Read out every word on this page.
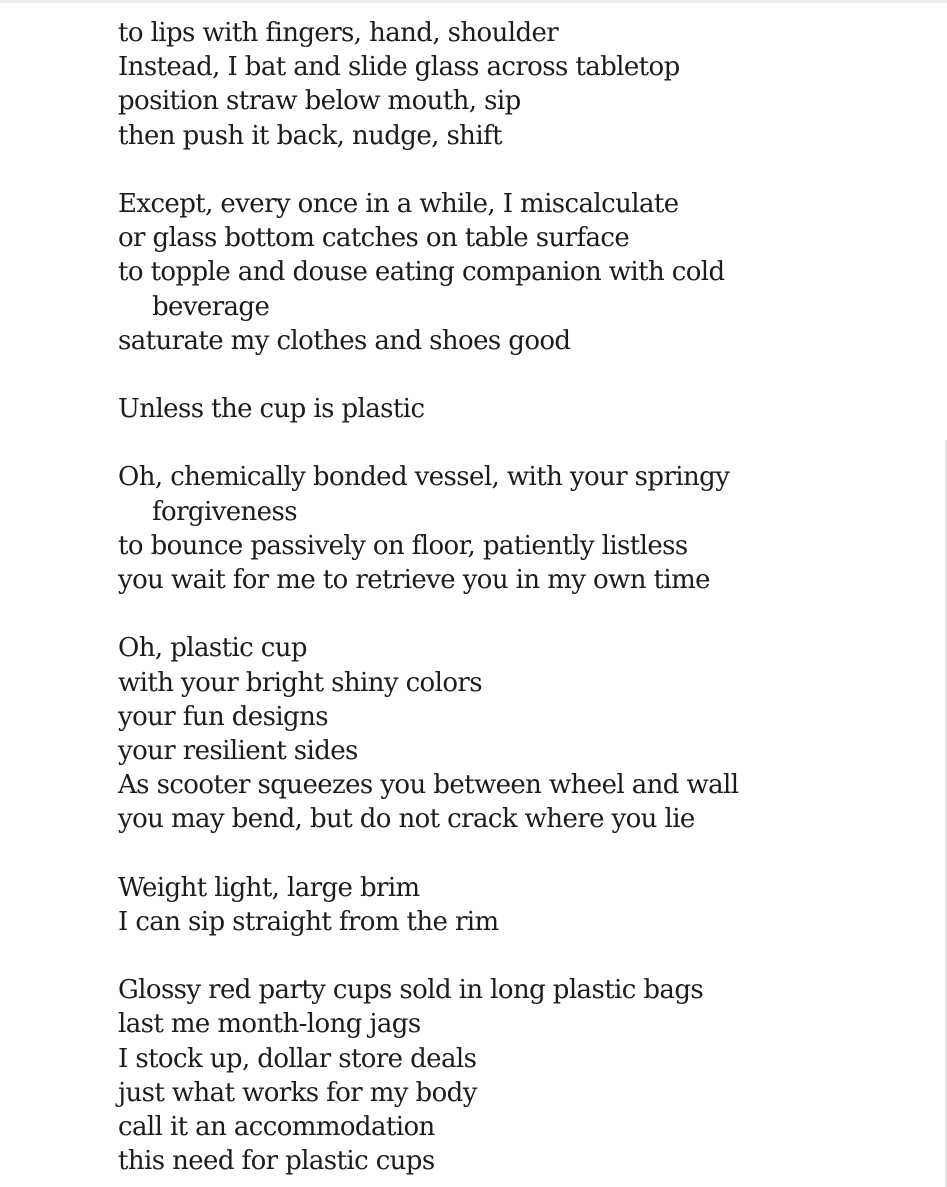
to lips with fingers, hand, shoulder
Instead, I bat and slide glass across tabletop
position straw below mouth, sip
then push it back, nudge, shift
Except, every once in a while, I miscalculate
or glass bottom catches on table surface
to topple and douse eating companion with cold
beverage
saturate my clothes and shoes good
Unless the cup is plastic
Oh, chemically bonded vessel, with your springy
forgiveness
to bounce passively on floor, patiently listless
you wait for me to retrieve you in my own time
Oh, plastic cup
with your bright shiny colors
your fun designs
your resilient sides
As scooter squeezes you between wheel and wall
you may bend, but do not crack where you lie
Weight light, large brim
I can sip straight from the rim
Glossy red party cups sold in long plastic bags
last me month-long jags
I stock up, dollar store deals
just what works for my body
call it an accommodation
this need for plastic cups
